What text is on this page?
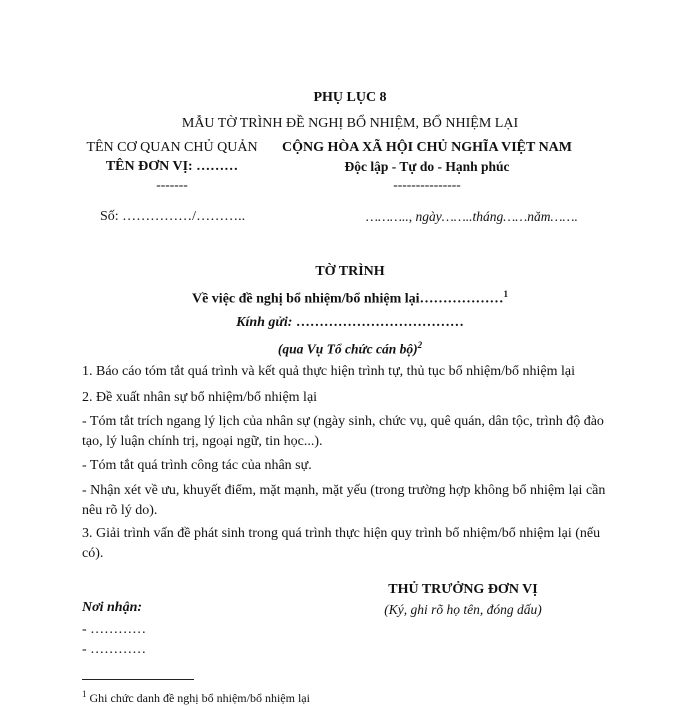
PHỤ LỤC 8
MẪU TỜ TRÌNH ĐỀ NGHỊ BỔ NHIỆM, BỔ NHIỆM LẠI
TÊN CƠ QUAN CHỦ QUẢN
TÊN ĐƠN VỊ: ………
-------
CỘNG HÒA XÃ HỘI CHỦ NGHĨA VIỆT NAM
Độc lập - Tự do - Hạnh phúc
---------------
Số: ……………/………..	……….., ngày……..tháng……năm…….
TỜ TRÌNH
Về việc đề nghị bổ nhiệm/bổ nhiệm lại………………$^1$
Kính gửi: ………………………………
(qua Vụ Tổ chức cán bộ)$^2$
1. Báo cáo tóm tắt quá trình và kết quả thực hiện trình tự, thủ tục bổ nhiệm/bổ nhiệm lại
2. Đề xuất nhân sự bổ nhiệm/bổ nhiệm lại
- Tóm tắt trích ngang lý lịch của nhân sự (ngày sinh, chức vụ, quê quán, dân tộc, trình độ đào tạo, lý luận chính trị, ngoại ngữ, tin học...).
- Tóm tắt quá trình công tác của nhân sự.
- Nhận xét về ưu, khuyết điểm, mặt mạnh, mặt yếu (trong trường hợp không bổ nhiệm lại cần nêu rõ lý do).
3. Giải trình vấn đề phát sinh trong quá trình thực hiện quy trình bổ nhiệm/bổ nhiệm lại (nếu có).
THỦ TRƯỞNG ĐƠN VỊ
(Ký, ghi rõ họ tên, đóng dấu)
Nơi nhận:
- …………
- …………
$^1$ Ghi chức danh đề nghị bổ nhiệm/bổ nhiệm lại
